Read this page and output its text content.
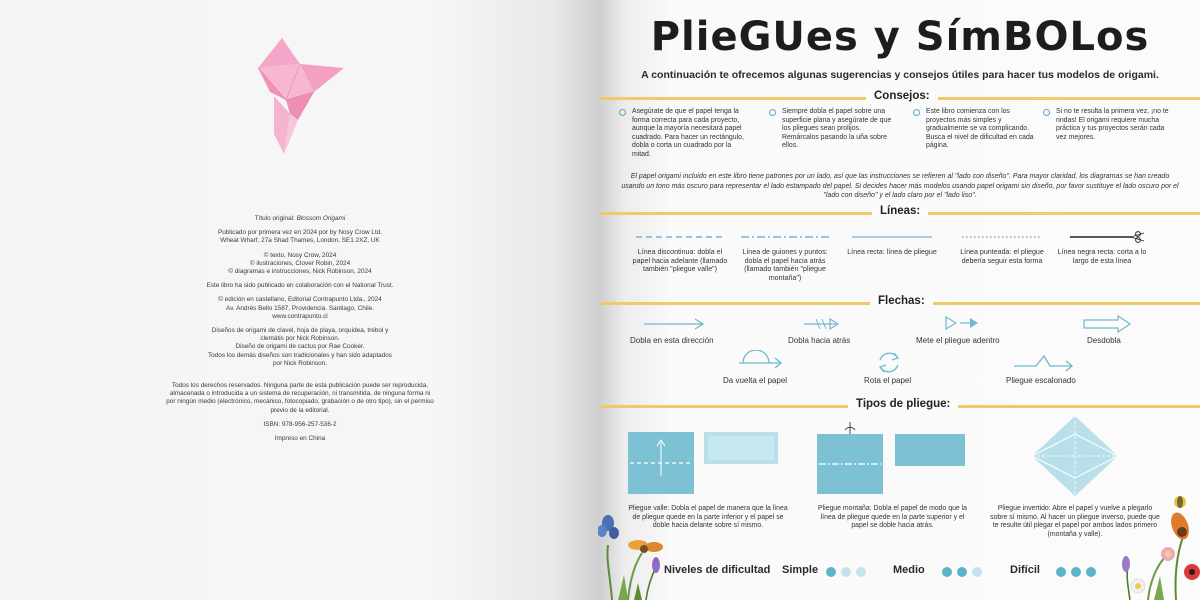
Título original: Blossom Origami

Publicado por primera vez en 2024 por by Nosy Crow Ltd.
Wheat Wharf, 27a Shad Thames, London, SE1 2XZ, UK

© texto, Nosy Crow, 2024
© ilustraciones, Clover Robin, 2024
© diagramas e instrucciones, Nick Robinson, 2024

Este libro ha sido publicado en colaboración con el National Trust.

© edición en castellano, Editorial Contrapunto Ltda., 2024
Av. Andrés Bello 1587, Providencia. Santiago, Chile.
www.contrapunto.cl

Diseños de origami de clavel, hoja de playa, orquídea, trébol y
clemátis por Nick Robinson.
Diseño de origami de cactus por Rae Cooker.
Todos los demás diseños son tradicionales y han sido adaptados
por Nick Robinson.

Todos los derechos reservados. Ninguna parte de esta publicación puede ser reproducida,
almacenada o introducida a un sistema de recuperación, ni transmitida, de ninguna forma ni
por ningún medio (electrónico, mecánico, fotocopiado, grabación o de otro tipo), sin el permiso
previo de la editorial.

ISBN: 978-956-257-536-2

Impreso en China

PlieGUes y SímBOLos
A continuación te ofrecemos algunas sugerencias y consejos útiles para hacer tus modelos de origami.
Consejos:
Asegúrate de que el papel tenga la forma correcta para cada proyecto, aunque la mayoría necesitará papel cuadrado. Para hacer un rectángulo, dobla o corta un cuadrado por la mitad.
Siempre dobla el papel sobre una superficie plana y asegúrate de que los pliegues sean prolijos. Remárcalos pasando la uña sobre ellos.
Este libro comienza con los proyectos más simples y gradualmente se va complicando. Busca el nivel de dificultad en cada página.
Si no te resulta la primera vez, ¡no te rindas! El origami requiere mucha práctica y tus proyectos serán cada vez mejores.
El papel origami incluido en este libro tiene patrones por un lado, así que las instrucciones se refieren al "lado con diseño". Para mayor claridad, los diagramas se han creado usando un tono más oscuro para representar el lado estampado del papel. Si decides hacer más modelos usando papel origami sin diseño, por favor sustituye el lado oscuro por el "lado con diseño" y el lado claro por el "lado liso".
Líneas:
Línea discontinua: dobla el papel hacia adelante (llamado también "pliegue valle")
Línea de guiones y puntos: dobla el papel hacia atrás (llamado también "pliegue montaña")
Línea recta: línea de pliegue	Línea punteada: el pliegue debería seguir esta forma
Línea negra recta: corta a lo largo de esta línea
Flechas:
Dobla en esta dirección	Dobla hacia atrás	Mete el pliegue adentro	Desdobla
Da vuelta el papel	Rota el papel	Pliegue escalonado
Tipos de pliegue:
Pliegue valle: Dobla el papel de manera que la línea de pliegue quede en la parte inferior y el papel se doble hacia delante sobre sí mismo.
Pliegue montaña: Dobla el papel de modo que la línea de pliegue quede en la parte superior y el papel se doble hacia atrás.
Pliegue invertido: Abre el papel y vuelve a plegarlo sobre sí mismo. Al hacer un pliegue inverso, puede que te resulte útil plegar el papel por ambos lados primero (montaña y valle).
Niveles de dificultad Simple	Medio	Difícil
